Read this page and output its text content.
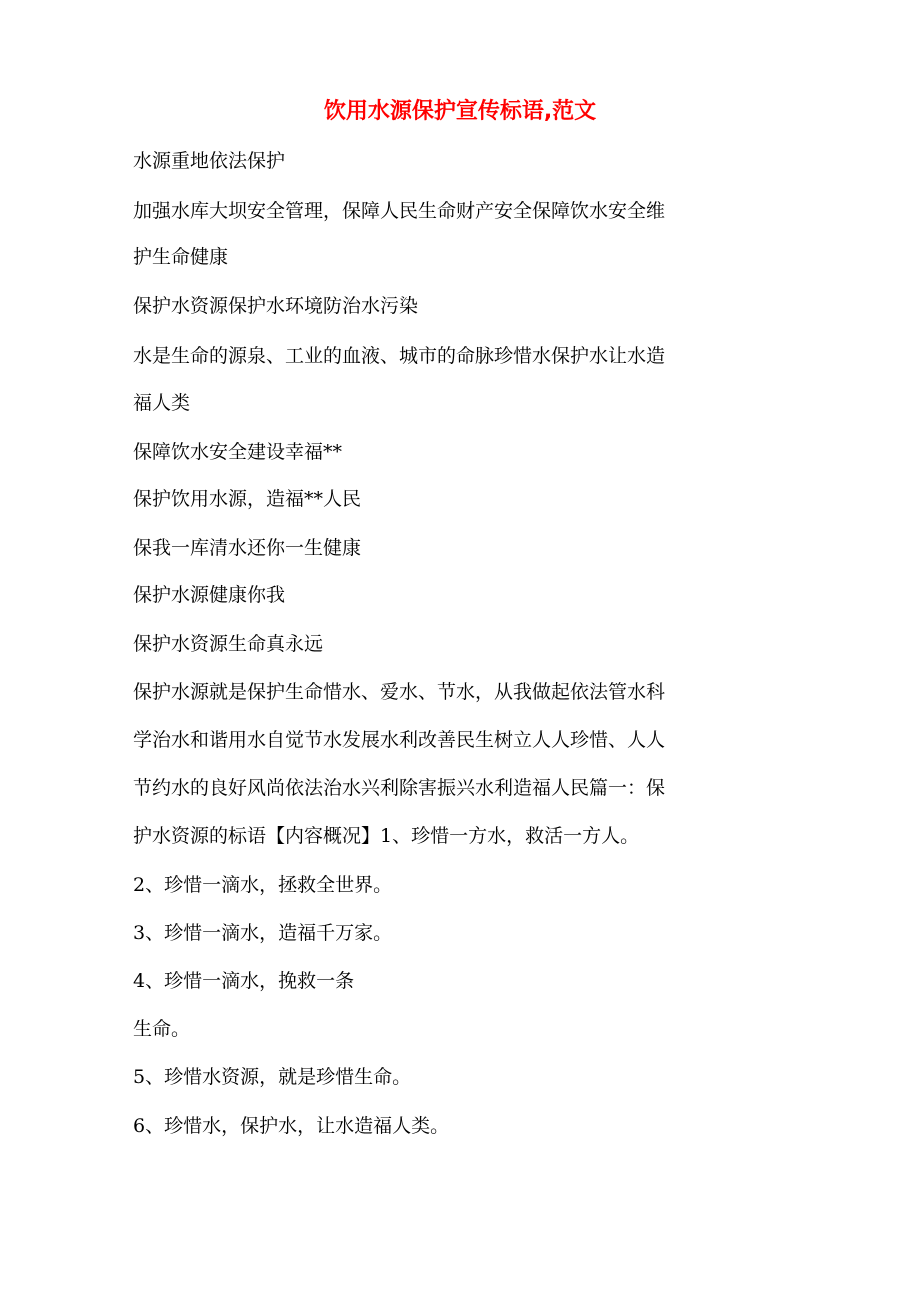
饮用水源保护宣传标语,范文
水源重地依法保护
加强水库大坝安全管理，保障人民生命财产安全保障饮水安全维
护生命健康
保护水资源保护水环境防治水污染
水是生命的源泉、工业的血液、城市的命脉珍惜水保护水让水造
福人类
保障饮水安全建设幸福**
保护饮用水源，造福**人民
保我一库清水还你一生健康
保护水源健康你我
保护水资源生命真永远
保护水源就是保护生命惜水、爱水、节水，从我做起依法管水科
学治水和谐用水自觉节水发展水利改善民生树立人人珍惜、人人
节约水的良好风尚依法治水兴利除害振兴水利造福人民篇一：保
护水资源的标语【内容概况】1、珍惜一方水，救活一方人。
2、珍惜一滴水，拯救全世界。
3、珍惜一滴水，造福千万家。
4、珍惜一滴水，挽救一条
生命。
5、珍惜水资源，就是珍惜生命。
6、珍惜水，保护水，让水造福人类。
